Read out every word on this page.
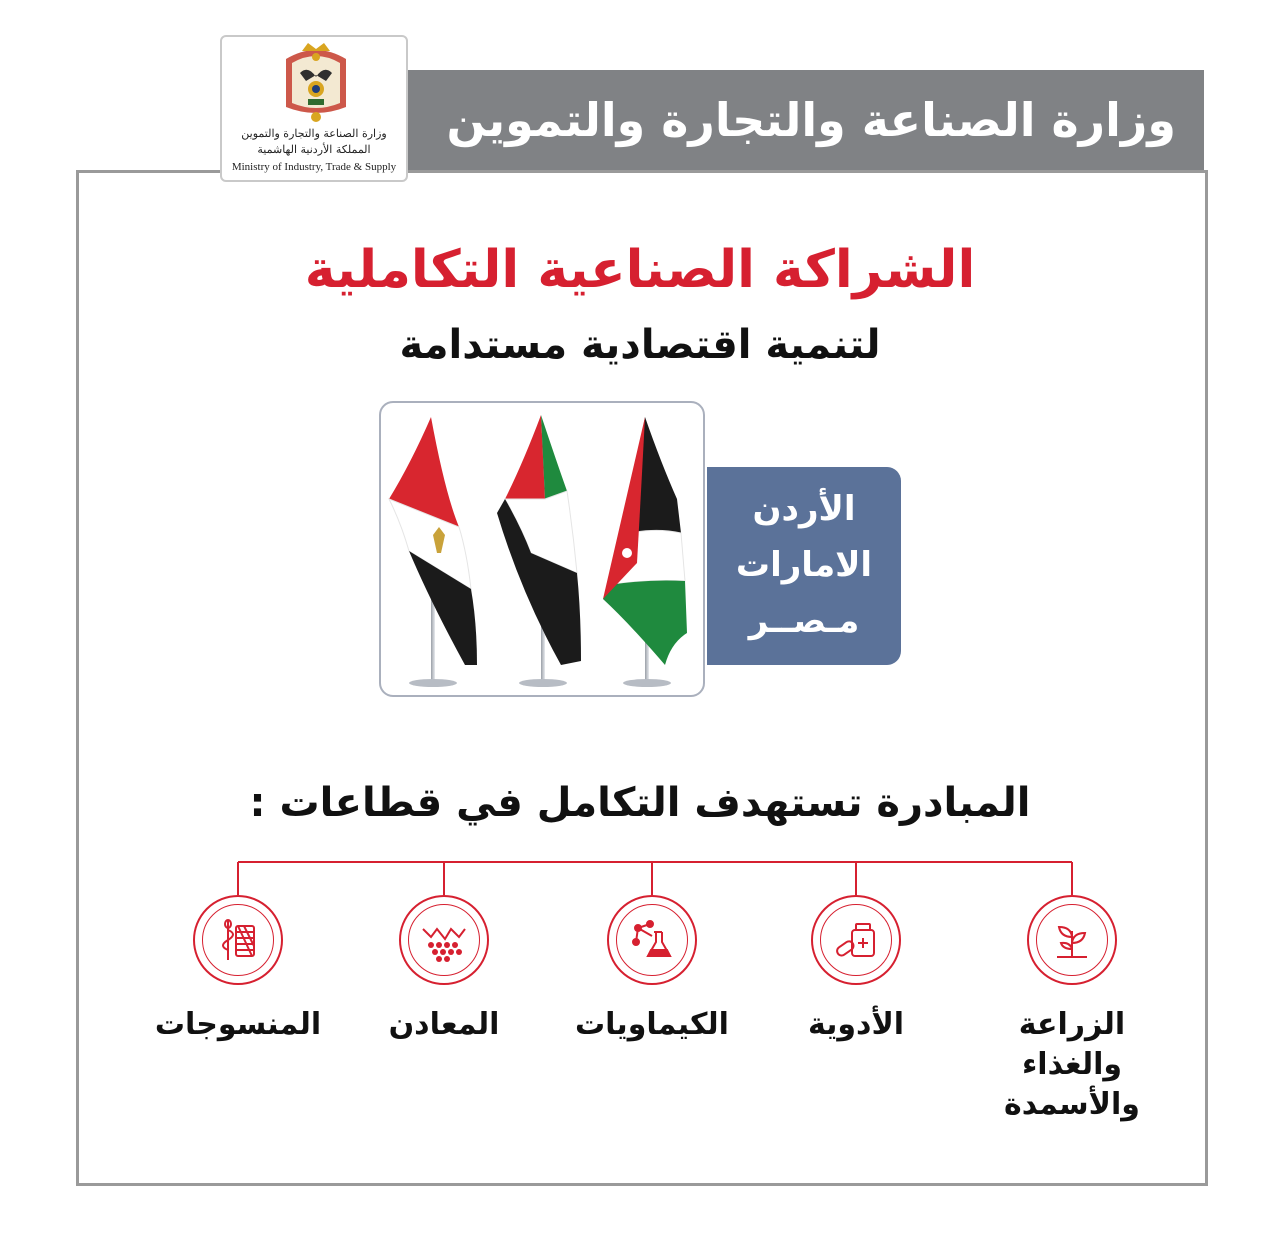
وزارة الصناعة والتجارة والتموين
وزارة الصناعة والتجارة والتموين
المملكة الأردنية الهاشمية
Ministry of Industry, Trade & Supply
الشراكة الصناعية التكاملية
لتنمية اقتصادية مستدامة
الأردن
الامارات
مـصــر
المبادرة تستهدف التكامل في قطاعات :
الزراعة
والغذاء
والأسمدة
الأدوية
الكيماويات
المعادن
المنسوجات
